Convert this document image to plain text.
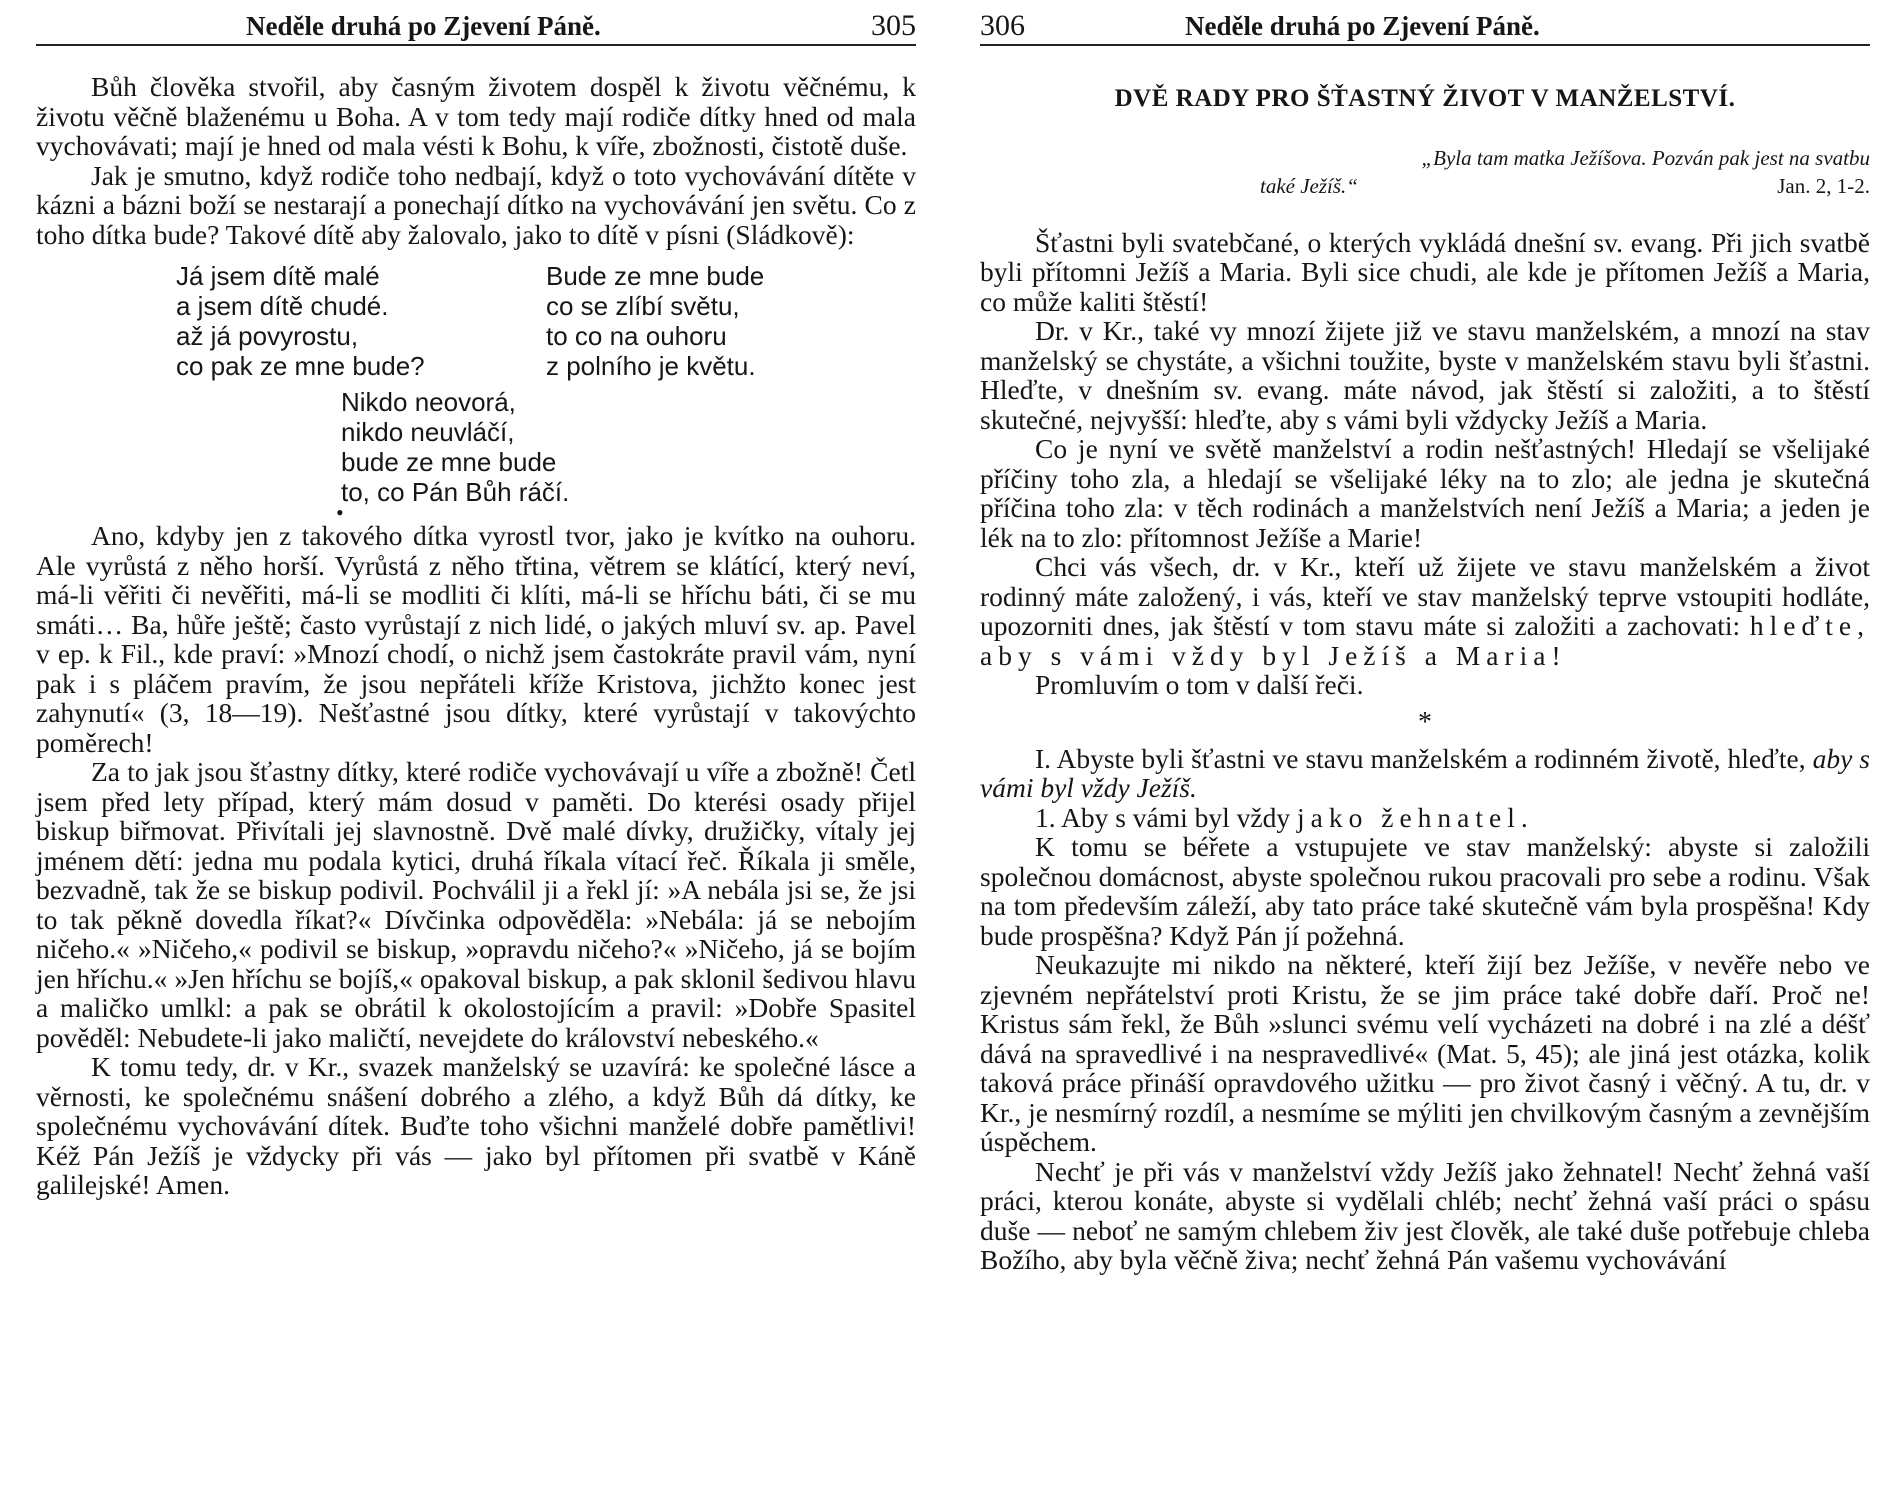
Neděle druhá po Zjevení Páně.	305

Bůh člověka stvořil, aby časným životem dospěl k životu věčnému, k životu věčně blaženému u Boha. A v tom tedy mají rodiče dítky hned od mala vychovávati; mají je hned od mala vésti k Bohu, k víře, zbožnosti, čistotě duše.

Jak je smutno, když rodiče toho nedbají, když o toto vychovávání dítěte v kázni a bázni boží se nestarají a ponechají dítko na vychovávání jen světu. Co z toho dítka bude? Takové dítě aby žalovalo, jako to dítě v písni (Sládkově):

Já jsem dítě malé
a jsem dítě chudé.
až já povyrostu,
co pak ze mne bude?
Bude ze mne bude
co se zlíbí světu,
to co na ouhoru
z polního je květu.
Nikdo neovorá,
nikdo neuvláčí,
bude ze mne bude
to, co Pán Bůh ráčí.
•

Ano, kdyby jen z takového dítka vyrostl tvor, jako je kvítko na ouhoru. Ale vyrůstá z něho horší. Vyrůstá z něho třtina, větrem se klátící, který neví, má-li věřiti či nevěřiti, má-li se modliti či klíti, má-li se hříchu báti, či se mu smáti… Ba, hůře ještě; často vyrůstají z nich lidé, o jakých mluví sv. ap. Pavel v ep. k Fil., kde praví: »Mnozí chodí, o nichž jsem častokráte pravil vám, nyní pak i s pláčem pravím, že jsou nepřáteli kříže Kristova, jichžto konec jest zahynutí« (3, 18—19). Nešťastné jsou dítky, které vyrůstají v takovýchto poměrech!

Za to jak jsou šťastny dítky, které rodiče vychovávají u víře a zbožně! Četl jsem před lety případ, který mám dosud v paměti. Do kterési osady přijel biskup biřmovat. Přivítali jej slavnostně. Dvě malé dívky, družičky, vítaly jej jménem dětí: jedna mu podala kytici, druhá říkala vítací řeč. Říkala ji směle, bezvadně, tak že se biskup podivil. Pochválil ji a řekl jí: »A nebála jsi se, že jsi to tak pěkně dovedla říkat?« Dívčinka odpověděla: »Nebála: já se nebojím ničeho.« »Ničeho,« podivil se biskup, »opravdu ničeho?« »Ničeho, já se bojím jen hříchu.« »Jen hříchu se bojíš,« opakoval biskup, a pak sklonil šedivou hlavu a maličko umlkl: a pak se obrátil k okolostojícím a pravil: »Dobře Spasitel pověděl: Nebudete-li jako maličtí, nevejdete do království nebeského.«

K tomu tedy, dr. v Kr., svazek manželský se uzavírá: ke společné lásce a věrnosti, ke společnému snášení dobrého a zlého, a když Bůh dá dítky, ke společnému vychovávání dítek. Buďte toho všichni manželé dobře pamětlivi! Kéž Pán Ježíš je vždycky při vás — jako byl přítomen při svatbě v Káně galilejské! Amen.

306	Neděle druhá po Zjevení Páně.
DVĚ RADY PRO ŠŤASTNÝ ŽIVOT V MANŽELSTVÍ.
„Byla tam matka Ježíšova. Pozván pak jest na svatbu
také Ježíš.“	Jan. 2, 1-2.

Šťastni byli svatebčané, o kterých vykládá dnešní sv. evang. Při jich svatbě byli přítomni Ježíš a Maria. Byli sice chudi, ale kde je přítomen Ježíš a Maria, co může kaliti štěstí!

Dr. v Kr., také vy mnozí žijete již ve stavu manželském, a mnozí na stav manželský se chystáte, a všichni toužite, byste v manželském stavu byli šťastni. Hleďte, v dnešním sv. evang. máte návod, jak štěstí si založiti, a to štěstí skutečné, nejvyšší: hleďte, aby s vámi byli vždycky Ježíš a Maria.

Co je nyní ve světě manželství a rodin nešťastných! Hledají se všelijaké příčiny toho zla, a hledají se všelijaké léky na to zlo; ale jedna je skutečná příčina toho zla: v těch rodinách a manželstvích není Ježíš a Maria; a jeden je lék na to zlo: přítomnost Ježíše a Marie!

Chci vás všech, dr. v Kr., kteří už žijete ve stavu manželském a život rodinný máte založený, i vás, kteří ve stav manželský teprve vstoupiti hodláte, upozorniti dnes, jak štěstí v tom stavu máte si založiti a zachovati: hleďte, aby s vámi vždy byl Ježíš a Maria!

Promluvím o tom v další řeči.

*

I. Abyste byli šťastni ve stavu manželském a rodinném životě, hleďte, aby s vámi byl vždy Ježíš.

1. Aby s vámi byl vždy jako žehnatel.

K tomu se béřete a vstupujete ve stav manželský: abyste si založili společnou domácnost, abyste společnou rukou pracovali pro sebe a rodinu. Však na tom především záleží, aby tato práce také skutečně vám byla prospěšna! Kdy bude prospěšna? Když Pán jí požehná.

Neukazujte mi nikdo na některé, kteří žijí bez Ježíše, v nevěře nebo ve zjevném nepřátelství proti Kristu, že se jim práce také dobře daří. Proč ne! Kristus sám řekl, že Bůh »slunci svému velí vycházeti na dobré i na zlé a déšť dává na spravedlivé i na nespravedlivé« (Mat. 5, 45); ale jiná jest otázka, kolik taková práce přináší opravdového užitku — pro život časný i věčný. A tu, dr. v Kr., je nesmírný rozdíl, a nesmíme se mýliti jen chvilkovým časným a zevnějším úspěchem.

Nechť je při vás v manželství vždy Ježíš jako žehnatel! Nechť žehná vaší práci, kterou konáte, abyste si vydělali chléb; nechť žehná vaší práci o spásu duše — neboť ne samým chlebem živ jest člověk, ale také duše potřebuje chleba Božího, aby byla věčně živa; nechť žehná Pán vašemu vychovávání
